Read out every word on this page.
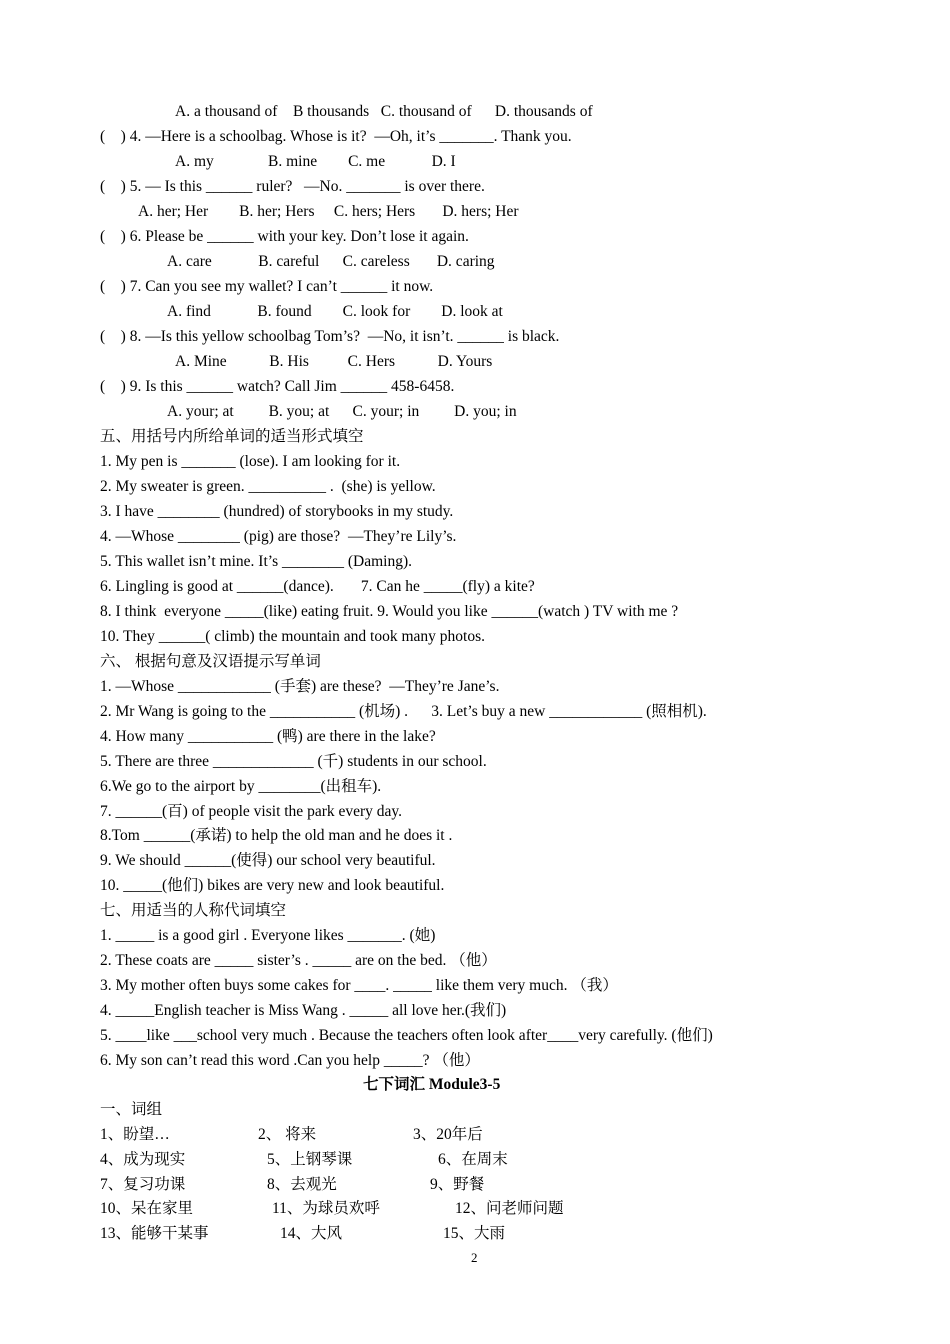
A. a thousand of    B thousands   C. thousand of      D. thousands of
(    ) 4. —Here is a schoolbag. Whose is it?  —Oh, it’s _______. Thank you.
A. my              B. mine        C. me            D. I
(    ) 5. — Is this ______ ruler?   —No. _______ is over there.
A. her; Her        B. her; Hers     C. hers; Hers       D. hers; Her
(    ) 6. Please be ______ with your key. Don’t lose it again.
A. care            B. careful      C. careless       D. caring
(    ) 7. Can you see my wallet? I can’t ______ it now.
A. find            B. found        C. look for        D. look at
(    ) 8. —Is this yellow schoolbag Tom’s?  —No, it isn’t. ______ is black.
A. Mine           B. His          C. Hers           D. Yours
(    ) 9. Is this ______ watch? Call Jim ______ 458-6458.
A. your; at         B. you; at      C. your; in         D. you; in
五、用括号内所给单词的适当形式填空
1. My pen is _______ (lose). I am looking for it.
2. My sweater is green. __________ .  (she) is yellow.
3. I have ________ (hundred) of storybooks in my study.
4. —Whose ________ (pig) are those?  —They’re Lily’s.
5. This wallet isn’t mine. It’s ________ (Daming).
6. Lingling is good at ______(dance).       7. Can he _____(fly) a kite?
8. I think  everyone _____(like) eating fruit. 9. Would you like ______(watch ) TV with me ?
10. They ______( climb) the mountain and took many photos.
六、 根据句意及汉语提示写单词
1. —Whose ____________ (手套) are these?  —They’re Jane’s.
2. Mr Wang is going to the ___________ (机场) .      3. Let’s buy a new ____________ (照相机).
4. How many ___________ (鸭) are there in the lake?
5. There are three _____________ (千) students in our school.
6.We go to the airport by ________(出租车).
7. ______(百) of people visit the park every day.
8.Tom ______(承诺) to help the old man and he does it .
9. We should ______(使得) our school very beautiful.
10. _____(他们) bikes are very new and look beautiful.
七、用适当的人称代词填空
1. _____ is a good girl . Everyone likes _______. (她)
2. These coats are _____ sister’s . _____ are on the bed. （他）
3. My mother often buys some cakes for ____. _____ like them very much. （我）
4. _____English teacher is Miss Wang . _____ all love her.(我们)
5. ____like ___school very much . Because the teachers often look after____very carefully. (他们)
6. My son can’t read this word .Can you help _____? （他）
七下词汇 Module3-5
一、词组
1、盼望…	2、 将来	3、20年后
4、成为现实	5、上钢琴课	6、在周末
7、复习功课	8、去观光	9、野餐
10、呆在家里	11、为球员欢呼	12、问老师问题
13、能够干某事	14、大风	15、大雨
2
